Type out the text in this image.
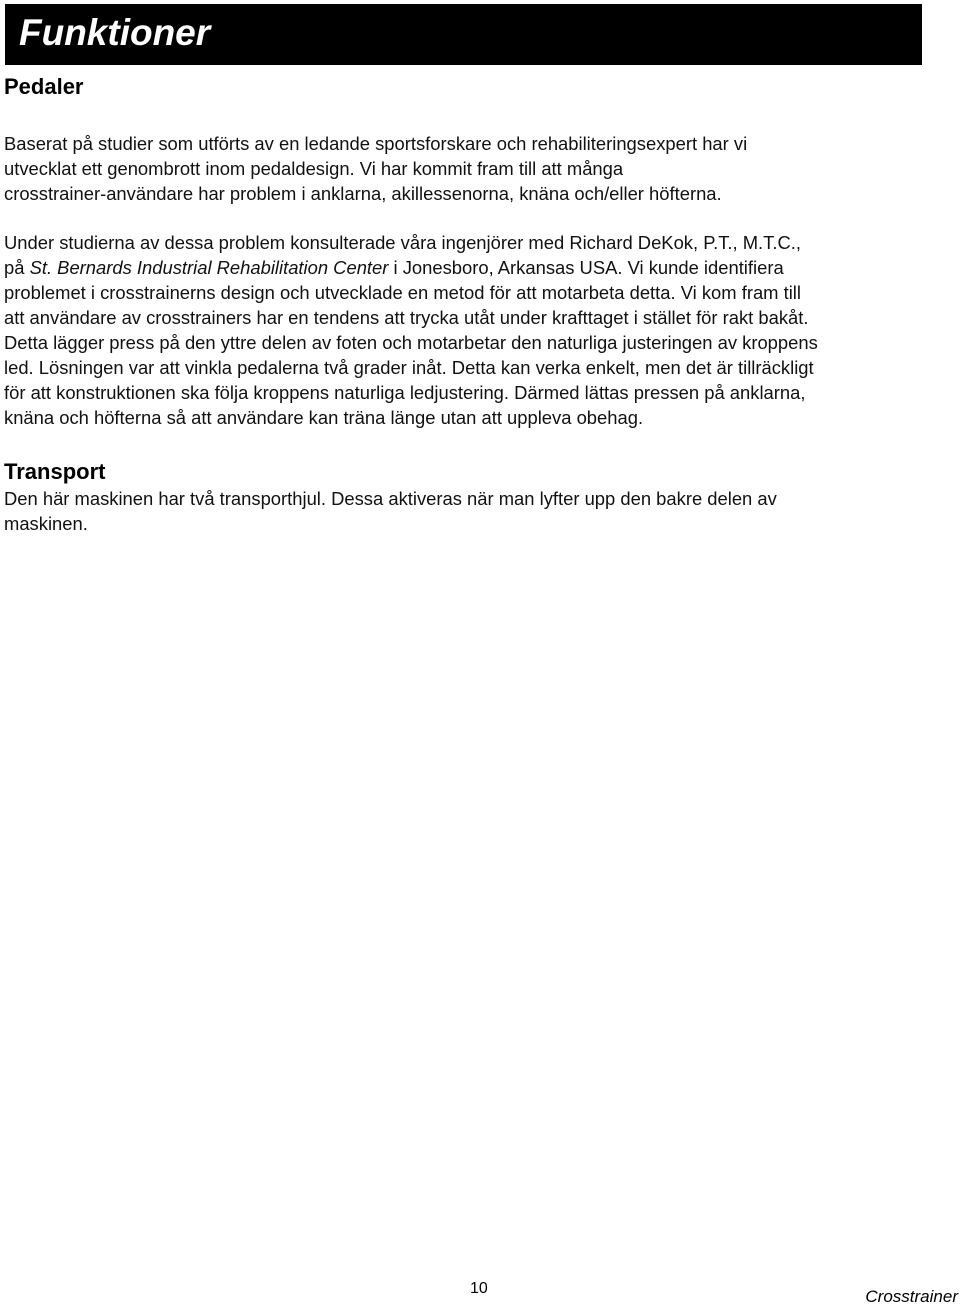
Funktioner
Pedaler

Baserat på studier som utförts av en ledande sportsforskare och rehabiliteringsexpert har vi
utvecklat ett genombrott inom pedaldesign. Vi har kommit fram till att många
crosstrainer-användare har problem i anklarna, akillessenorna, knäna och/eller höfterna.

Under studierna av dessa problem konsulterade våra ingenjörer med Richard DeKok, P.T., M.T.C.,
på St. Bernards Industrial Rehabilitation Center i Jonesboro, Arkansas USA. Vi kunde identifiera
problemet i crosstrainerns design och utvecklade en metod för att motarbeta detta. Vi kom fram till
att användare av crosstrainers har en tendens att trycka utåt under krafttaget i stället för rakt bakåt.
Detta lägger press på den yttre delen av foten och motarbetar den naturliga justeringen av kroppens
led. Lösningen var att vinkla pedalerna två grader inåt. Detta kan verka enkelt, men det är tillräckligt
för att konstruktionen ska följa kroppens naturliga ledjustering. Därmed lättas pressen på anklarna,
knäna och höfterna så att användare kan träna länge utan att uppleva obehag.

Transport

Den här maskinen har två transporthjul. Dessa aktiveras när man lyfter upp den bakre delen av
maskinen.

10	Crosstrainer
